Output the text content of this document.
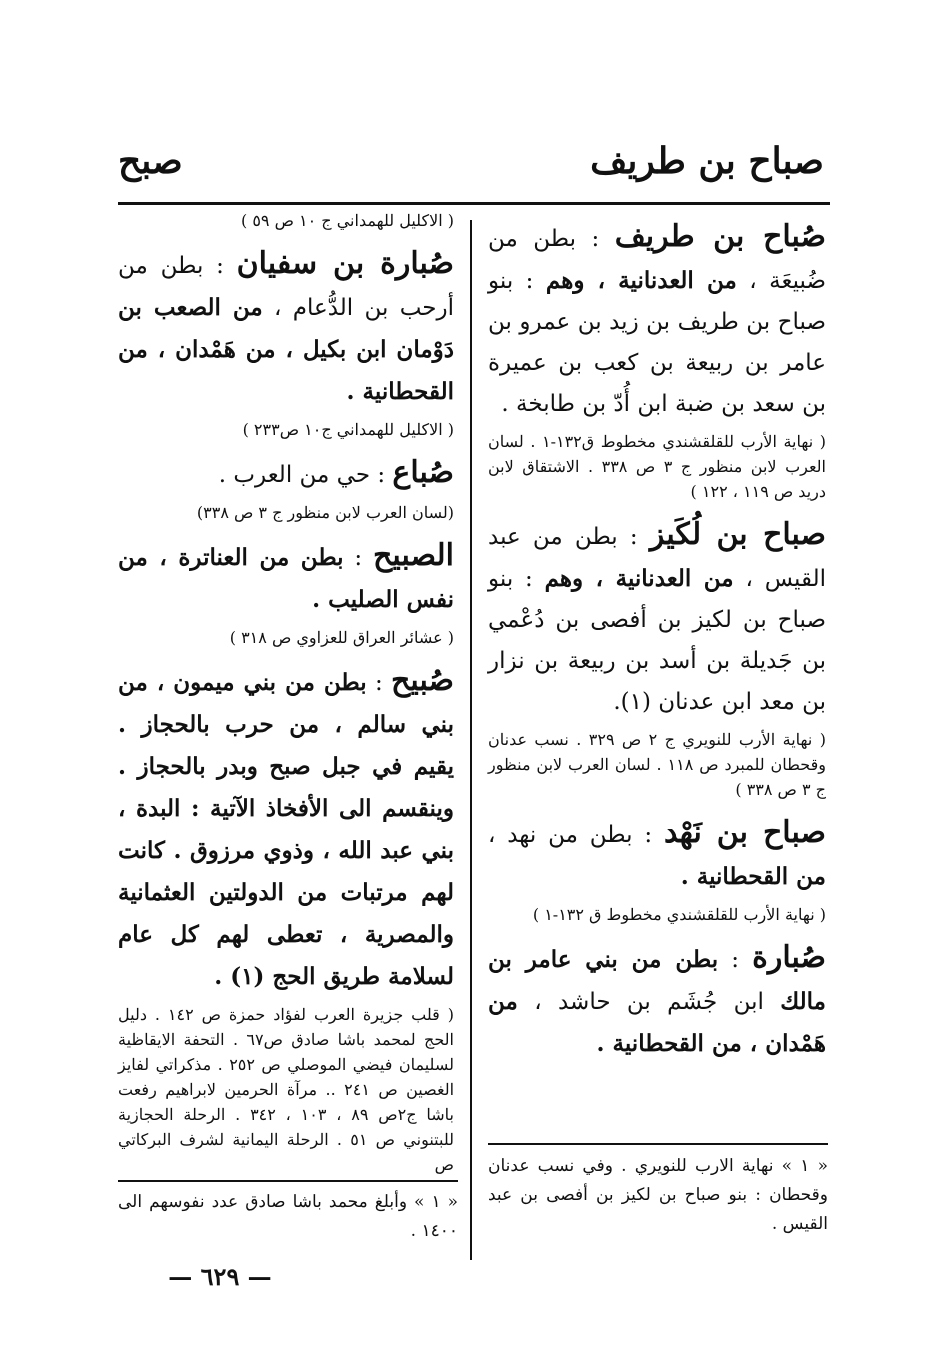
صباح بن طريف
صبح

صُباح بن طريف : بطن من ضُبيعَة ، من العدنانية ، وهم : بنو صباح بن طريف بن زيد بن عمرو بن عامر بن ربيعة بن كعب بن عميرة بن سعد بن ضبة ابن أُدّ بن طابخة .

( نهاية الأرب للقلقشندي مخطوط ق١٣٢-١ . لسان العرب لابن منظور ج ٣ ص ٣٣٨ . الاشتقاق لابن دريد ص ١١٩ ، ١٢٢ )

صباح بن لُكَيز : بطن من عبد القيس ، من العدنانية ، وهم : بنو صباح بن لكيز بن أفصى بن دُعْمي بن جَديلة بن أسد بن ربيعة بن نزار بن معد ابن عدنان (١).

( نهاية الأرب للنويري ج ٢ ص ٣٢٩ . نسب عدنان وقحطان للمبرد ص ١١٨ . لسان العرب لابن منظور ج ٣ ص ٣٣٨ )

صباح بن نَهْد : بطن من نهد ، من القحطانية .

( نهاية الأرب للقلقشندي مخطوط ق ١٣٢-١ )

صُبارة : بطن من بني عامر بن مالك ابن جُشَم بن حاشد ، من هَمْدان ، من القحطانية .

« ١ » نهاية الارب للنويري . وفي نسب عدنان وقحطان : بنو صباح بن لكيز بن أفصى بن عبد القيس .

( الاكليل للهمداني ج ١٠ ص ٥٩ )

صُبارة بن سفيان : بطن من أرحب بن الدُّعام ، من الصعب بن دَوْمان ابن بكيل ، من هَمْدان ، من القحطانية .

( الاكليل للهمداني ج١٠ ص٢٣٣ )

صُباع : حي من العرب .

(لسان العرب لابن منظور ج ٣ ص ٣٣٨)

الصبيح : بطن من العناترة ، من نفس الصليب .

( عشائر العراق للعزاوي ص ٣١٨ )

صُبيح : بطن من بني ميمون ، من بني سالم ، من حرب بالحجاز . يقيم في جبل صبح وبدر بالحجاز . وينقسم الى الأفخاذ الآتية : البدة ، بني عبد الله ، وذوي مرزوق . كانت لهم مرتبات من الدولتين العثمانية والمصرية ، تعطى لهم كل عام لسلامة طريق الحج (١) .

( قلب جزيرة العرب لفؤاد حمزة ص ١٤٢ . دليل الحج لمحمد باشا صادق ص٦٧ . التحفة الايقاظية لسليمان فيضي الموصلي ص ٢٥٢ . مذكراتي لفايز الغصين ص ٢٤١ .. مرآة الحرمين لابراهيم رفعت باشا ج٢ص ٨٩ ، ١٠٣ ، ٣٤٢ . الرحلة الحجازية للبتنوني ص ٥١ . الرحلة اليمانية لشرف البركاتي ص

« ١ » وأبلغ محمد باشا صادق عدد نفوسهم الى ١٤٠٠ .
— ٦٢٩ —
